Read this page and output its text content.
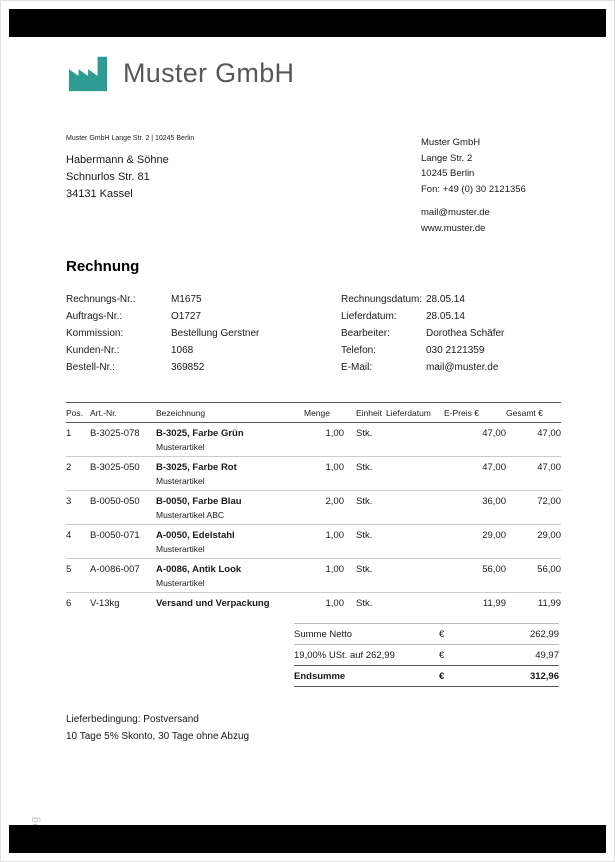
Muster GmbH
Muster GmbH Lange Str. 2 | 10245 Berlin
Habermann & Söhne
Schnurlos Str. 81
34131 Kassel
Muster GmbH
Lange Str. 2
10245 Berlin
Fon: +49 (0) 30 2121356
mail@muster.de
www.muster.de
Rechnung
Rechnungs-Nr.:	M1675
Auftrags-Nr.:	O1727
Kommission:	Bestellung Gerstner
Kunden-Nr.:	1068
Bestell-Nr.:	369852
Rechnungsdatum: 28.05.14
Lieferdatum:	28.05.14
Bearbeiter:	Dorothea Schäfer
Telefon:	030 2121359
E-Mail:	mail@muster.de
Pos.	Art.-Nr.	Bezeichnung	Menge	Einheit	Lieferdatum	E-Preis €	Gesamt €
1	B-3025-078	B-3025, Farbe Grün
Musterartikel	1,00	Stk.		47,00	47,00
2	B-3025-050	B-3025, Farbe Rot
Musterartikel	1,00	Stk.		47,00	47,00
3	B-0050-050	B-0050, Farbe Blau
Musterartikel ABC	2,00	Stk.		36,00	72,00
4	B-0050-071	A-0050, Edelstahl
Musterartikel	1,00	Stk.		29,00	29,00
5	A-0086-007	A-0086, Antik Look
Musterartikel	1,00	Stk.		56,00	56,00
6	V-13kg	Versand und Verpackung	1,00	Stk.		11,99	11,99
Summe Netto	€	262,99
19,00% USt. auf 262,99	€	49,97
Endsumme	€	312,96
Lieferbedingung: Postversand
10 Tage 5% Skonto, 30 Tage ohne Abzug
